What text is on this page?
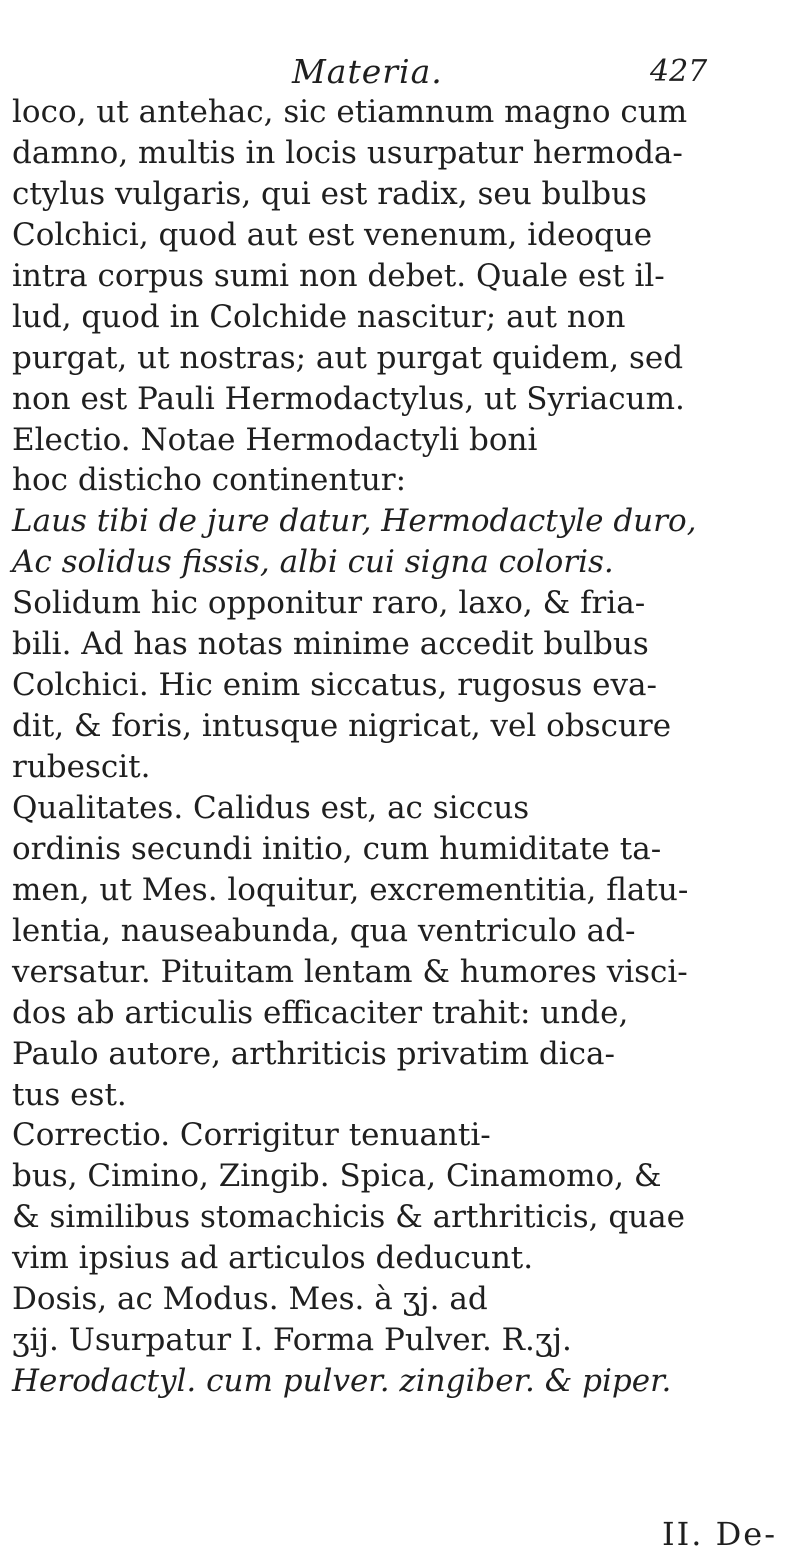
Materia.	427
loco, ut antehac, sic etiamnum magno cum
damno, multis in locis usurpatur hermoda-
ctylus vulgaris, qui est radix, seu bulbus
Colchici, quod aut est venenum, ideoque
intra corpus sumi non debet. Quale est il-
lud, quod in Colchide nascitur; aut non
purgat, ut nostras; aut purgat quidem, sed
non est Pauli Hermodactylus, ut Syriacum.
Electio. Notae Hermodactyli boni
hoc disticho continentur:
Laus tibi de jure datur, Hermodactyle duro,
Ac solidus fissis, albi cui signa coloris.
Solidum hic opponitur raro, laxo, & fria-
bili. Ad has notas minime accedit bulbus
Colchici. Hic enim siccatus, rugosus eva-
dit, & foris, intusque nigricat, vel obscure
rubescit.
Qualitates. Calidus est, ac siccus
ordinis secundi initio, cum humiditate ta-
men, ut Mes. loquitur, excrementitia, flatu-
lentia, nauseabunda, qua ventriculo ad-
versatur. Pituitam lentam & humores visci-
dos ab articulis efficaciter trahit: unde,
Paulo autore, arthriticis privatim dica-
tus est.
Correctio. Corrigitur tenuanti-
bus, Cimino, Zingib. Spica, Cinamomo, &
& similibus stomachicis & arthriticis, quae
vim ipsius ad articulos deducunt.
Dosis, ac Modus. Mes. à ʒj. ad
ʒij. Usurpatur I. Forma Pulver. R.ʒj.
Herodactyl. cum pulver. zingiber. & piper.
II. De-
